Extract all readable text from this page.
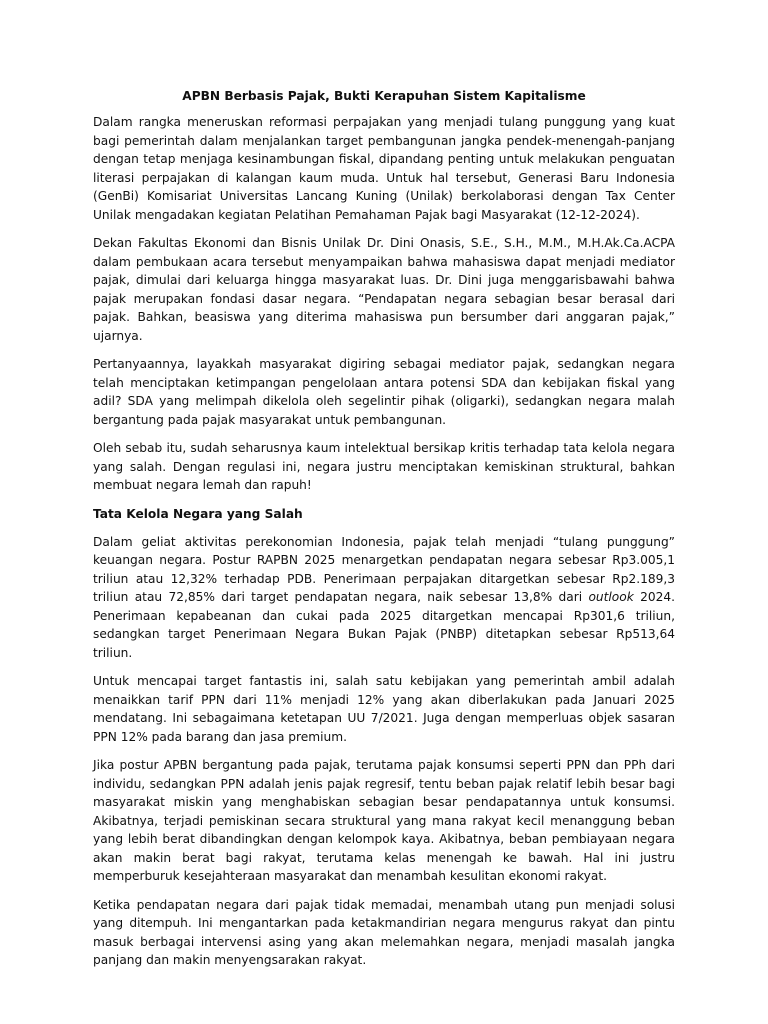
APBN Berbasis Pajak, Bukti Kerapuhan Sistem Kapitalisme

Dalam rangka meneruskan reformasi perpajakan yang menjadi tulang punggung yang kuat bagi pemerintah dalam menjalankan target pembangunan jangka pendek-menengah-panjang dengan tetap menjaga kesinambungan fiskal, dipandang penting untuk melakukan penguatan literasi perpajakan di kalangan kaum muda. Untuk hal tersebut, Generasi Baru Indonesia (GenBi) Komisariat Universitas Lancang Kuning (Unilak) berkolaborasi dengan Tax Center Unilak mengadakan kegiatan Pelatihan Pemahaman Pajak bagi Masyarakat (12-12-2024).

Dekan Fakultas Ekonomi dan Bisnis Unilak Dr. Dini Onasis, S.E., S.H., M.M., M.H.Ak.Ca.ACPA dalam pembukaan acara tersebut menyampaikan bahwa mahasiswa dapat menjadi mediator pajak, dimulai dari keluarga hingga masyarakat luas. Dr. Dini juga menggarisbawahi bahwa pajak merupakan fondasi dasar negara. “Pendapatan negara sebagian besar berasal dari pajak. Bahkan, beasiswa yang diterima mahasiswa pun bersumber dari anggaran pajak,” ujarnya.

Pertanyaannya, layakkah masyarakat digiring sebagai mediator pajak, sedangkan negara telah menciptakan ketimpangan pengelolaan antara potensi SDA dan kebijakan fiskal yang adil? SDA yang melimpah dikelola oleh segelintir pihak (oligarki), sedangkan negara malah bergantung pada pajak masyarakat untuk pembangunan.

Oleh sebab itu, sudah seharusnya kaum intelektual bersikap kritis terhadap tata kelola negara yang salah. Dengan regulasi ini, negara justru menciptakan kemiskinan struktural, bahkan membuat negara lemah dan rapuh!

Tata Kelola Negara yang Salah

Dalam geliat aktivitas perekonomian Indonesia, pajak telah menjadi “tulang punggung” keuangan negara. Postur RAPBN 2025 menargetkan pendapatan negara sebesar Rp3.005,1 triliun atau 12,32% terhadap PDB. Penerimaan perpajakan ditargetkan sebesar Rp2.189,3 triliun atau 72,85% dari target pendapatan negara, naik sebesar 13,8% dari outlook 2024. Penerimaan kepabeanan dan cukai pada 2025 ditargetkan mencapai Rp301,6 triliun, sedangkan target Penerimaan Negara Bukan Pajak (PNBP) ditetapkan sebesar Rp513,64 triliun.

Untuk mencapai target fantastis ini, salah satu kebijakan yang pemerintah ambil adalah menaikkan tarif PPN dari 11% menjadi 12% yang akan diberlakukan pada Januari 2025 mendatang. Ini sebagaimana ketetapan UU 7/2021. Juga dengan memperluas objek sasaran PPN 12% pada barang dan jasa premium.

Jika postur APBN bergantung pada pajak, terutama pajak konsumsi seperti PPN dan PPh dari individu, sedangkan PPN adalah jenis pajak regresif, tentu beban pajak relatif lebih besar bagi masyarakat miskin yang menghabiskan sebagian besar pendapatannya untuk konsumsi. Akibatnya, terjadi pemiskinan secara struktural yang mana rakyat kecil menanggung beban yang lebih berat dibandingkan dengan kelompok kaya. Akibatnya, beban pembiayaan negara akan makin berat bagi rakyat, terutama kelas menengah ke bawah. Hal ini justru memperburuk kesejahteraan masyarakat dan menambah kesulitan ekonomi rakyat.

Ketika pendapatan negara dari pajak tidak memadai, menambah utang pun menjadi solusi yang ditempuh. Ini mengantarkan pada ketakmandirian negara mengurus rakyat dan pintu masuk berbagai intervensi asing yang akan melemahkan negara, menjadi masalah jangka panjang dan makin menyengsarakan rakyat.
